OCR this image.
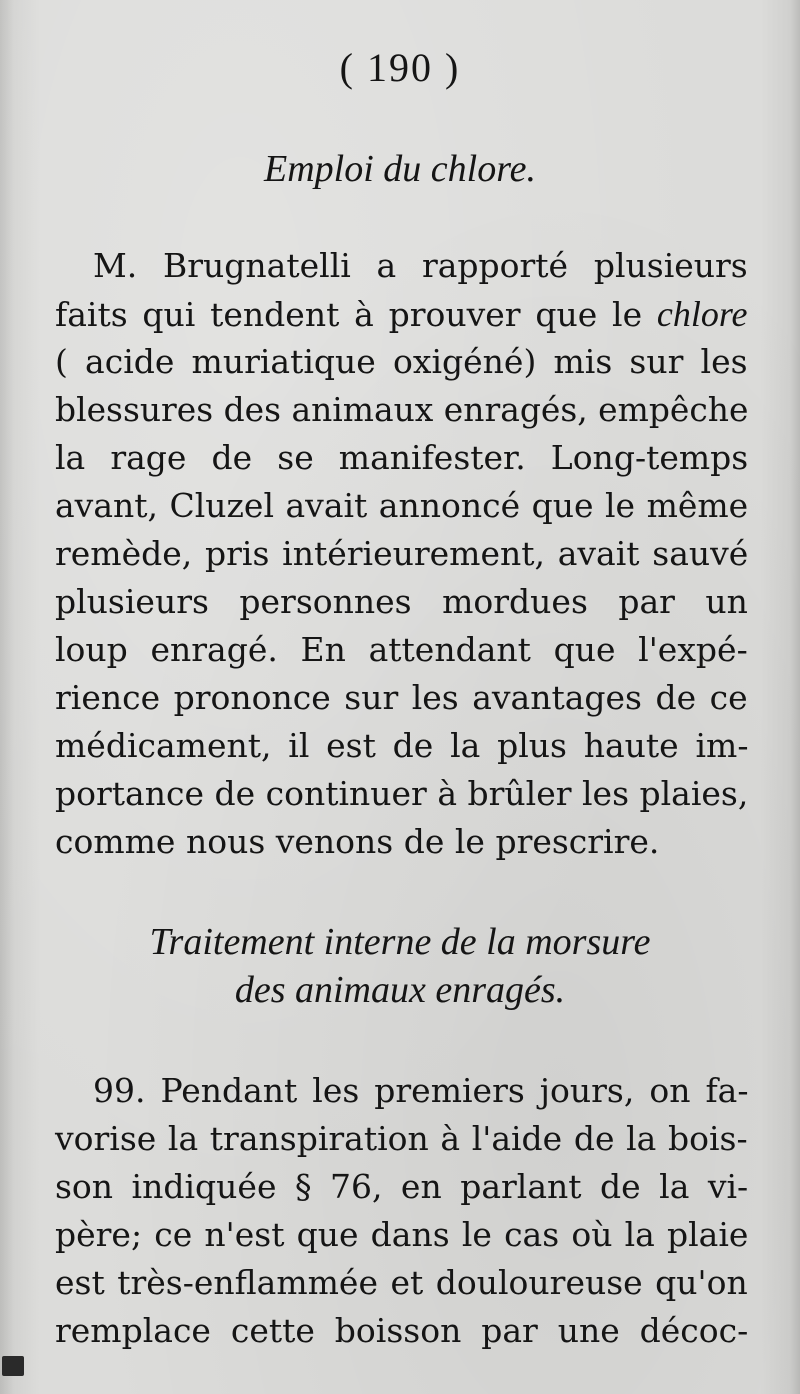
( 190 )
Emploi du chlore.
M. Brugnatelli a rapporté plusieurs
faits qui tendent à prouver que le chlore
( acide muriatique oxigéné) mis sur les
blessures des animaux enragés, empêche
la rage de se manifester. Long-temps
avant, Cluzel avait annoncé que le même
remède, pris intérieurement, avait sauvé
plusieurs personnes mordues par un
loup enragé. En attendant que l'expé-
rience prononce sur les avantages de ce
médicament, il est de la plus haute im-
portance de continuer à brûler les plaies,
comme nous venons de le prescrire.
Traitement interne de la morsure
des animaux enragés.
99. Pendant les premiers jours, on fa-
vorise la transpiration à l'aide de la bois-
son indiquée § 76, en parlant de la vi-
père; ce n'est que dans le cas où la plaie
est très-enflammée et douloureuse qu'on
remplace cette boisson par une décoc-
